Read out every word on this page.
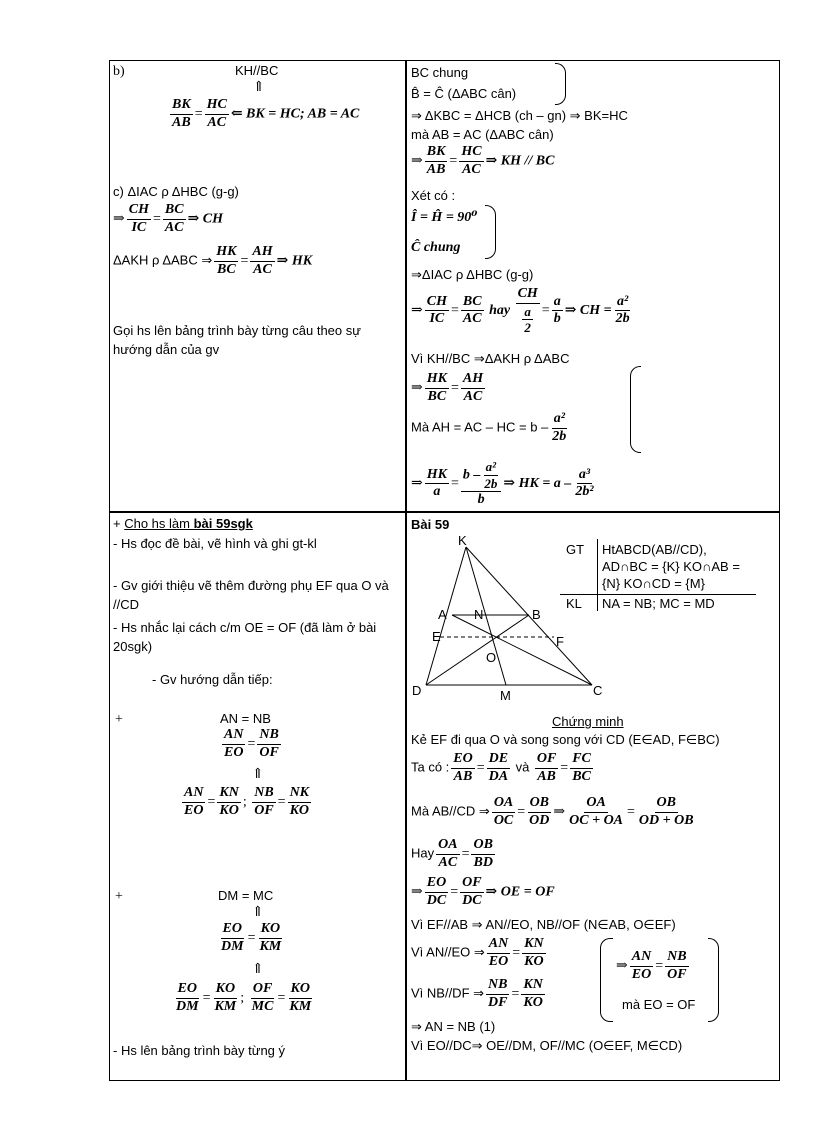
b)	KH//BC
⇑
$\frac{BK}{AB} = \frac{HC}{AC}$ ⇐ BK = HC; AB = AC
c) ΔIAC ρ ΔHBC (g-g)
⇒ $\frac{CH}{IC} = \frac{BC}{AC}$ ⇒ CH
ΔAKH ρ ΔABC ⇒ $\frac{HK}{BC} = \frac{AH}{AC}$ ⇒ HK
Gọi hs lên bảng trình bày từng câu theo sự hướng dẫn của gv
BC chung
B̂ = Ĉ (ΔABC cân)
⇒ ΔKBC = ΔHCB (ch – gn) ⇒ BK=HC
mà AB = AC (ΔABC cân)
⇒ $\frac{BK}{AB} = \frac{HC}{AC}$ ⇒ KH // BC
Xét có :
Î = Ĥ = 90⁰
Ĉ chung
⇒ΔIAC ρ ΔHBC (g-g)
⇒ $\frac{CH}{IC} = \frac{BC}{AC}$ hay $\frac{CH}{\frac{a}{2}} = \frac{a}{b}$ ⇒ CH = $\frac{\text{a²}}{2b}$
Vì KH//BC ⇒ΔAKH ρ ΔABC
⇒ $\frac{HK}{BC} = \frac{AH}{AC}$
Mà AH = AC – HC = b – $\frac{\text{a²}}{2b}$
⇒ $\frac{HK}{a} = \frac{b - \frac{\text{a²}}{2b}}{b}$ ⇒ HK = a – $\frac{\text{a³}}{\text{2b²}}$
+ Cho hs làm bài 59sgk
- Hs đọc đề bài, vẽ hình và ghi gt-kl
- Gv giới thiệu vẽ thêm đường phụ EF qua O và //CD
- Hs nhắc lại cách c/m OE = OF (đã làm ở bài 20sgk)
- Gv hướng dẫn tiếp:
+	AN = NB
$\frac{AN}{EO} = \frac{NB}{OF}$
⇑
$\frac{AN}{EO} = \frac{KN}{KO}$ ; $\frac{NB}{OF} = \frac{NK}{KO}$
+	DM = MC
⇑
$\frac{EO}{DM} = \frac{KO}{KM}$
⇑
$\frac{EO}{DM} = \frac{KO}{KM}$ ; $\frac{OF}{MC} = \frac{KO}{KM}$
- Hs lên bảng trình bày từng ý
Bài 59
K
A	B
N
E	F
O
D	M	C
GT HtABCD(AB//CD),
AD∩BC = {K} KO∩AB =
{N} KO∩CD = {M}
KL NA = NB; MC = MD
Chứng minh
Kẻ EF đi qua O và song song với CD (E∈AD, F∈BC)
Ta có : $\frac{EO}{AB} = \frac{DE}{DA}$ và $\frac{OF}{AB} = \frac{FC}{BC}$
Mà AB//CD ⇒ $\frac{OA}{OC} = \frac{OB}{OD}$ ⇒ $\frac{OA}{OC + OA} = \frac{OB}{OD + OB}$
Hay $\frac{OA}{AC} = \frac{OB}{BD}$
⇒ $\frac{EO}{DC} = \frac{OF}{DC}$ ⇒ OE = OF
Vì EF//AB ⇒ AN//EO, NB//OF (N∈AB, O∈EF)
Vì AN//EO ⇒ $\frac{AN}{EO} = \frac{KN}{KO}$
Vì NB//DF ⇒ $\frac{NB}{DF} = \frac{KN}{KO}$
⇒ $\frac{AN}{EO} = \frac{NB}{OF}$
mà EO = OF
⇒ AN = NB (1)
Vì EO//DC⇒ OE//DM, OF//MC (O∈EF, M∈CD)
